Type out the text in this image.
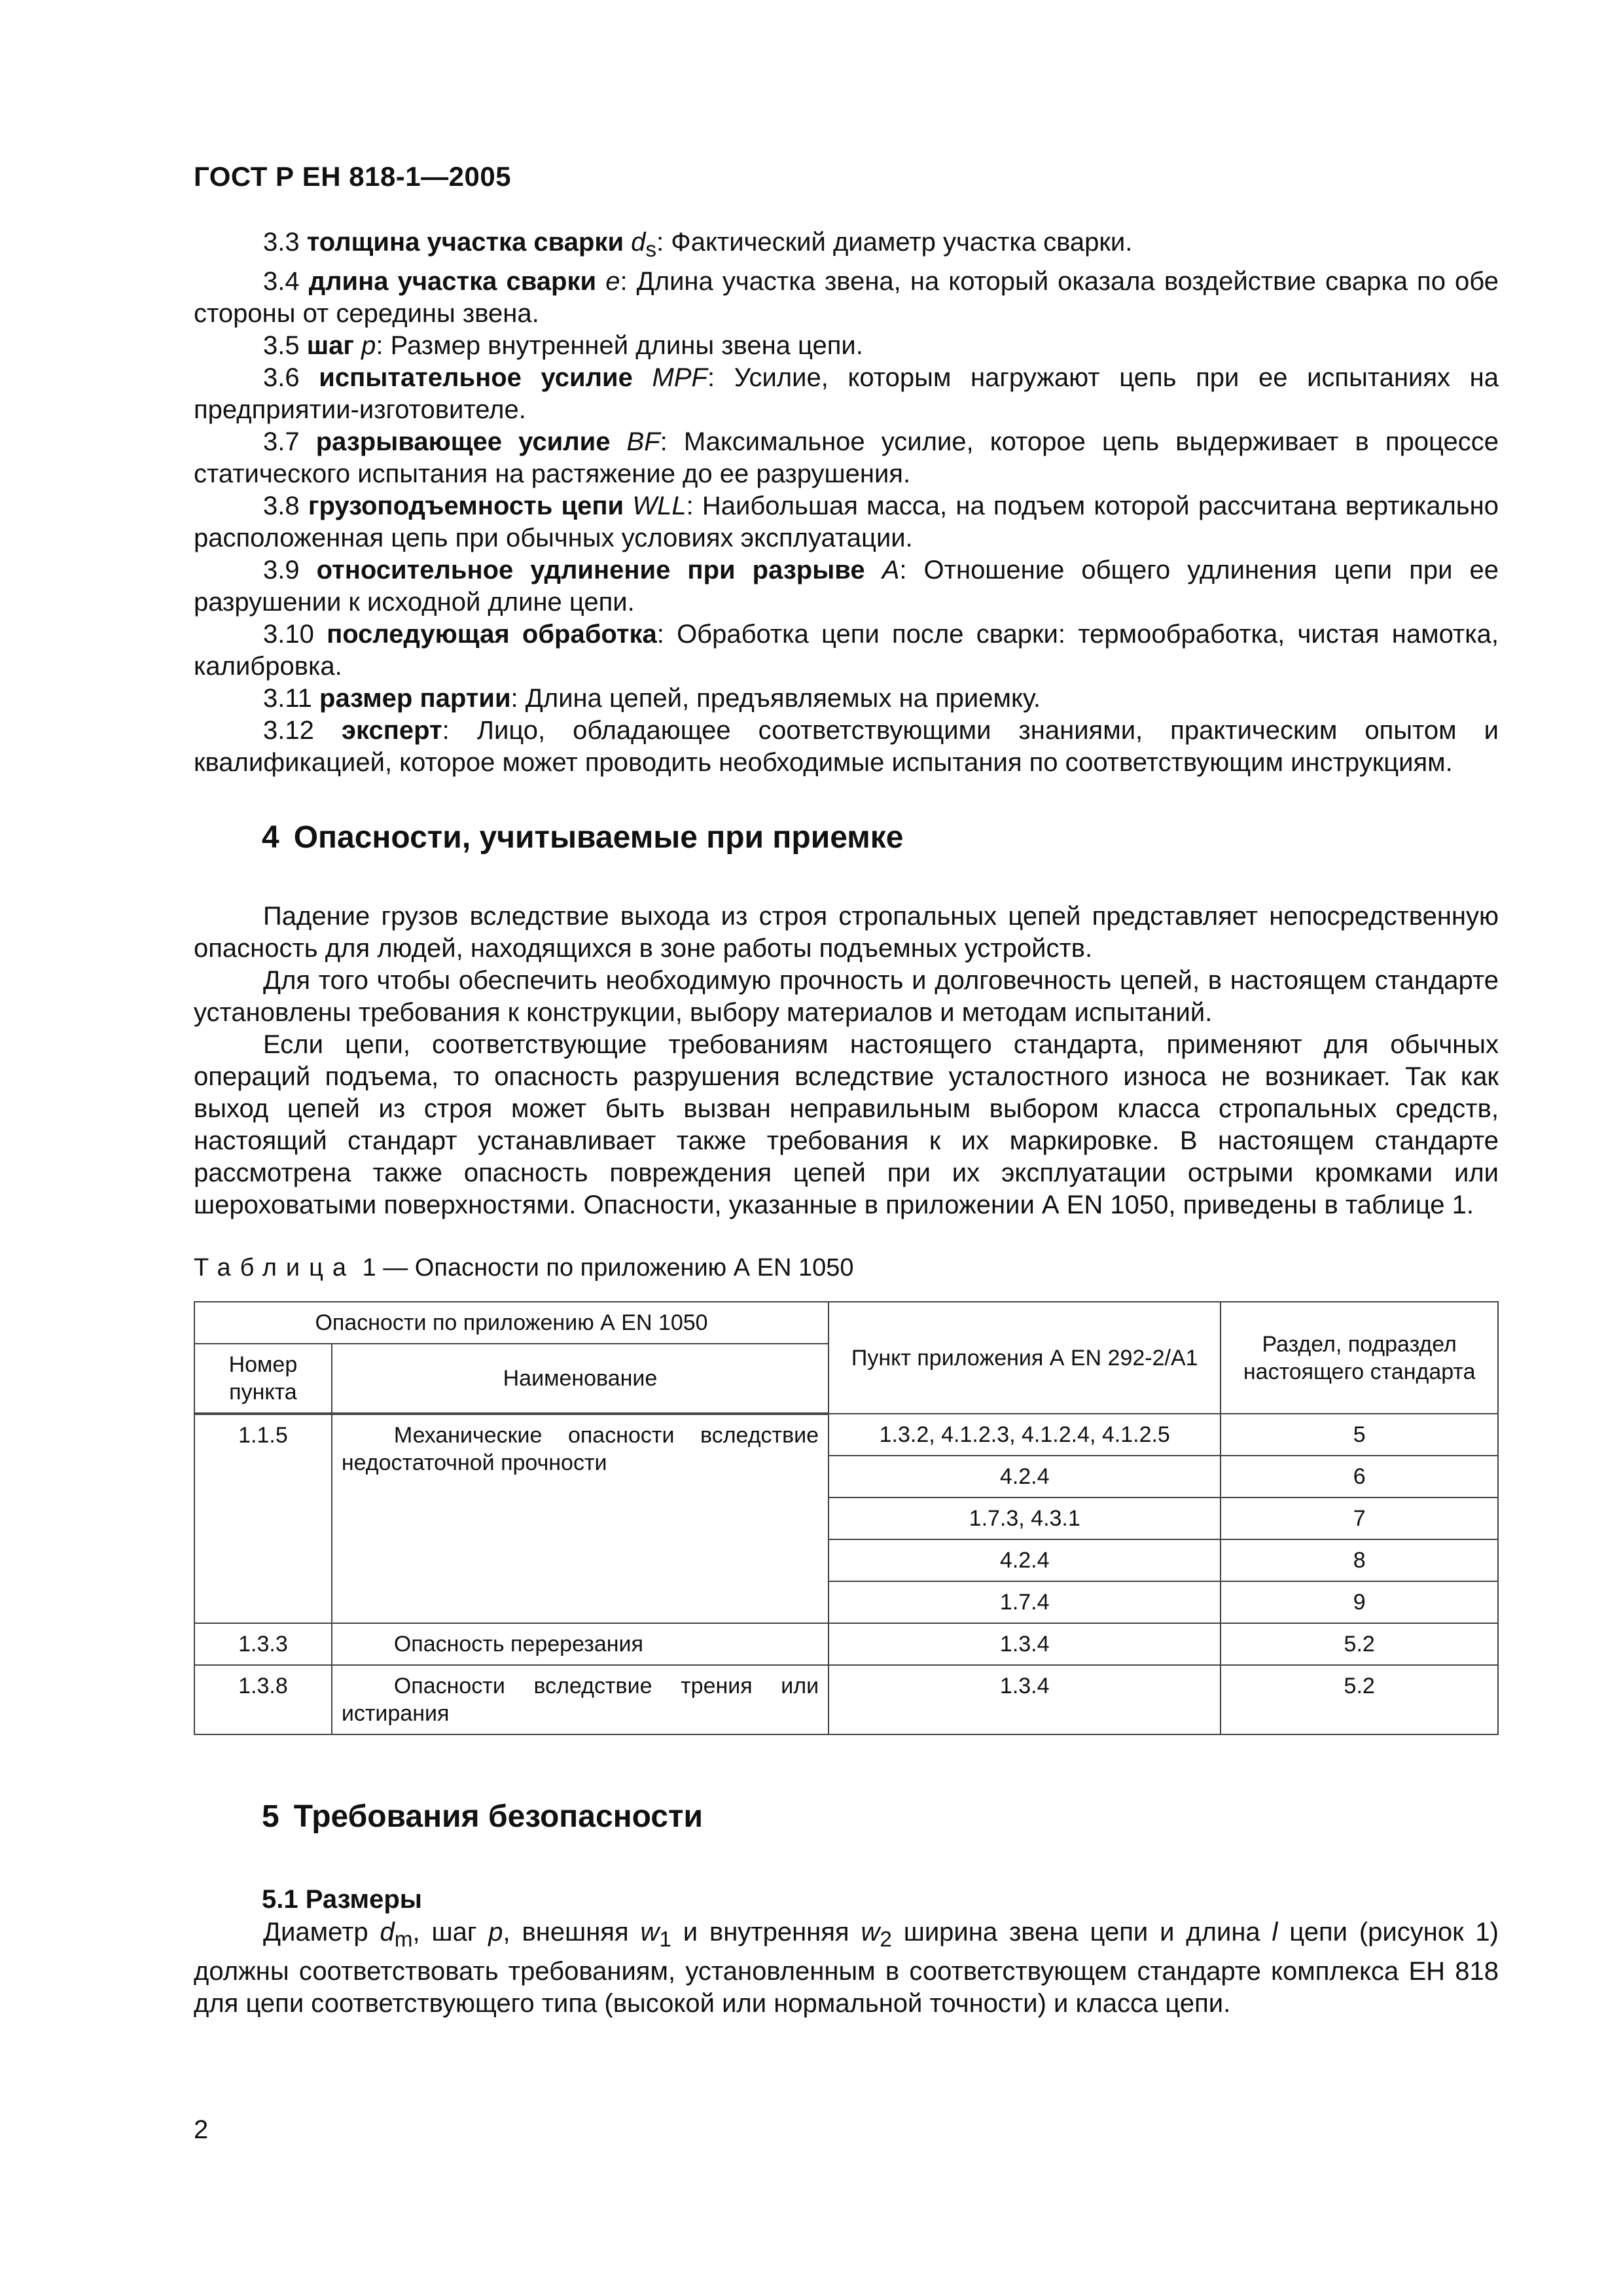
ГОСТ Р ЕН 818-1—2005

3.3 толщина участка сварки $d_s$: Фактический диаметр участка сварки.

3.4 длина участка сварки e: Длина участка звена, на который оказала воздействие сварка по обе стороны от середины звена.

3.5 шаг p: Размер внутренней длины звена цепи.

3.6 испытательное усилие MPF: Усилие, которым нагружают цепь при ее испытаниях на предприятии-изготовителе.

3.7 разрывающее усилие BF: Максимальное усилие, которое цепь выдерживает в процессе статического испытания на растяжение до ее разрушения.

3.8 грузоподъемность цепи WLL: Наибольшая масса, на подъем которой рассчитана вертикально расположенная цепь при обычных условиях эксплуатации.

3.9 относительное удлинение при разрыве A: Отношение общего удлинения цепи при ее разрушении к исходной длине цепи.

3.10 последующая обработка: Обработка цепи после сварки: термообработка, чистая намотка, калибровка.

3.11 размер партии: Длина цепей, предъявляемых на приемку.

3.12 эксперт: Лицо, обладающее соответствующими знаниями, практическим опытом и квалификацией, которое может проводить необходимые испытания по соответствующим инструкциям.

4 Опасности, учитываемые при приемке

Падение грузов вследствие выхода из строя стропальных цепей представляет непосредственную опасность для людей, находящихся в зоне работы подъемных устройств.

Для того чтобы обеспечить необходимую прочность и долговечность цепей, в настоящем стандарте установлены требования к конструкции, выбору материалов и методам испытаний.

Если цепи, соответствующие требованиям настоящего стандарта, применяют для обычных операций подъема, то опасность разрушения вследствие усталостного износа не возникает. Так как выход цепей из строя может быть вызван неправильным выбором класса стропальных средств, настоящий стандарт устанавливает также требования к их маркировке. В настоящем стандарте рассмотрена также опасность повреждения цепей при их эксплуатации острыми кромками или шероховатыми поверхностями. Опасности, указанные в приложении А EN 1050, приведены в таблице 1.

Таблица 1 — Опасности по приложению А EN 1050
Опасности по приложению А EN 1050		Пункт приложения А EN 292-2/А1	Раздел, подраздел настоящего стандарта
Номер пункта	Наименование		
1.1.5	Механические опасности вследствие недостаточной прочности	1.3.2, 4.1.2.3, 4.1.2.4, 4.1.2.5	5
		4.2.4	6
		1.7.3, 4.3.1	7
		4.2.4	8
		1.7.4	9
1.3.3	Опасность перерезания	1.3.4	5.2
1.3.8	Опасности вследствие трения или истирания	1.3.4	5.2
5 Требования безопасности
5.1 Размеры

Диаметр $d_m$, шаг p, внешняя $w_1$ и внутренняя $w_2$ ширина звена цепи и длина l цепи (рисунок 1) должны соответствовать требованиям, установленным в соответствующем стандарте комплекса ЕН 818 для цепи соответствующего типа (высокой или нормальной точности) и класса цепи.

2
